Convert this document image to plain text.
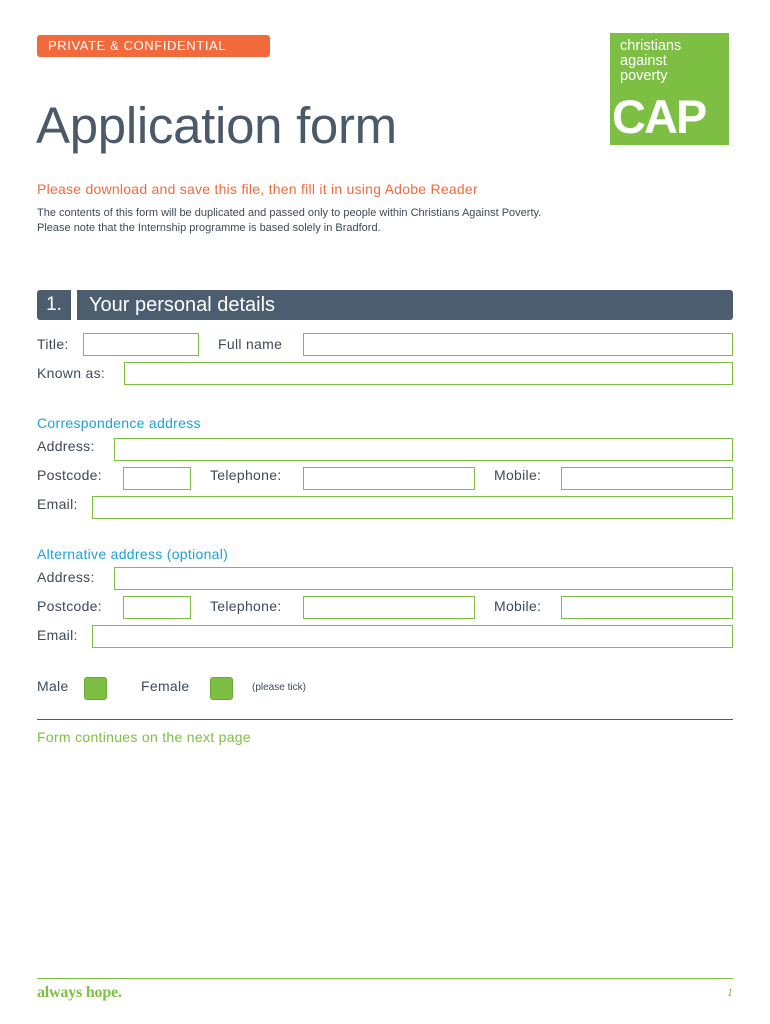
PRIVATE & CONFIDENTIAL	christians
against
poverty
CAP
Application form
Please download and save this file, then fill it in using Adobe Reader
The contents of this form will be duplicated and passed only to people within Christians Against Poverty.
Please note that the Internship programme is based solely in Bradford.
1.	Your personal details
Title:	Full name
Known as:
Correspondence address
Address:
Postcode:	Telephone:	Mobile:
Email:
Alternative address (optional)
Address:
Postcode:	Telephone:	Mobile:
Email:
Male	Female	(please tick)
Form continues on the next page
always hope.	1
